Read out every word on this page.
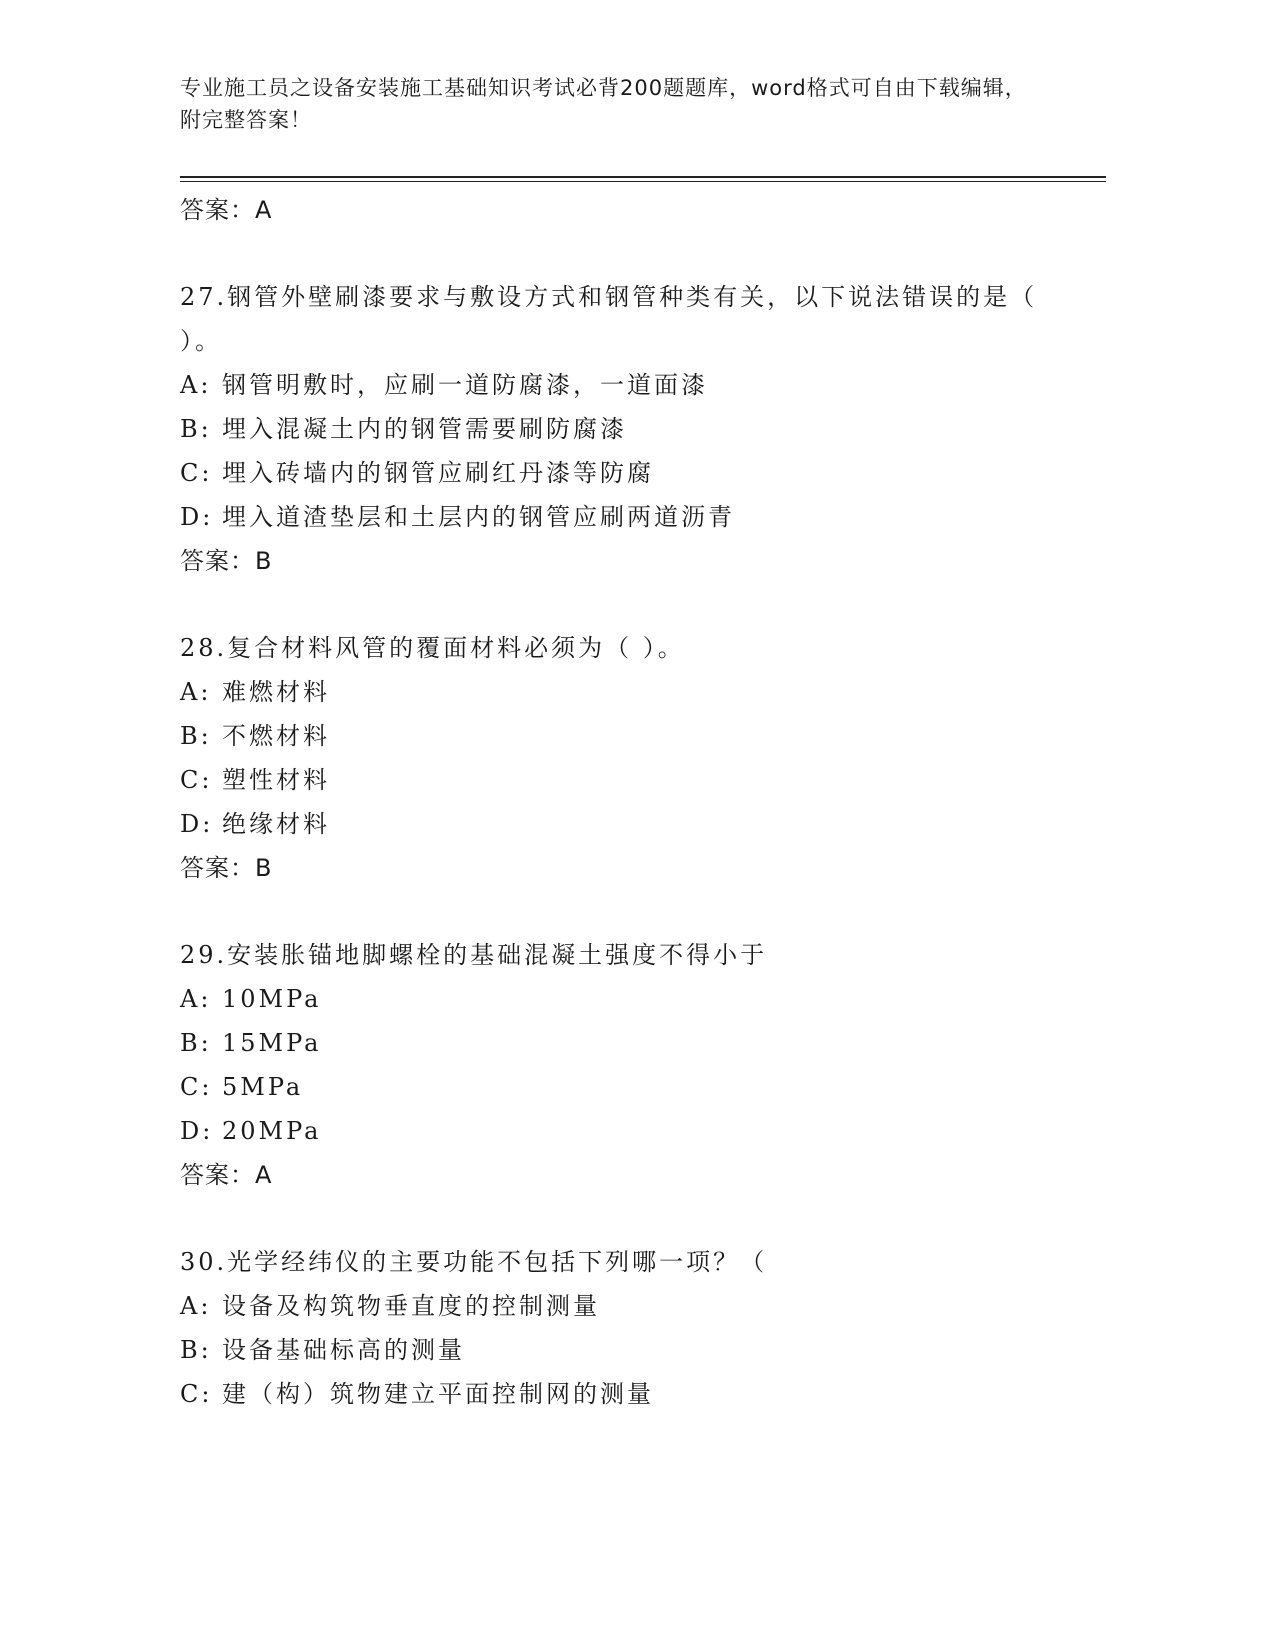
专业施工员之设备安装施工基础知识考试必背200题题库，word格式可自由下载编辑，附完整答案！
答案：A
27.钢管外壁刷漆要求与敷设方式和钢管种类有关，以下说法错误的是（ ）。
A: 钢管明敷时，应刷一道防腐漆，一道面漆
B: 埋入混凝土内的钢管需要刷防腐漆
C: 埋入砖墙内的钢管应刷红丹漆等防腐
D: 埋入道渣垫层和土层内的钢管应刷两道沥青
答案：B
28.复合材料风管的覆面材料必须为（ ）。
A: 难燃材料
B: 不燃材料
C: 塑性材料
D: 绝缘材料
答案：B
29.安装胀锚地脚螺栓的基础混凝土强度不得小于
A: 10MPa
B: 15MPa
C: 5MPa
D: 20MPa
答案：A
30.光学经纬仪的主要功能不包括下列哪一项？（
A: 设备及构筑物垂直度的控制测量
B: 设备基础标高的测量
C: 建（构）筑物建立平面控制网的测量
